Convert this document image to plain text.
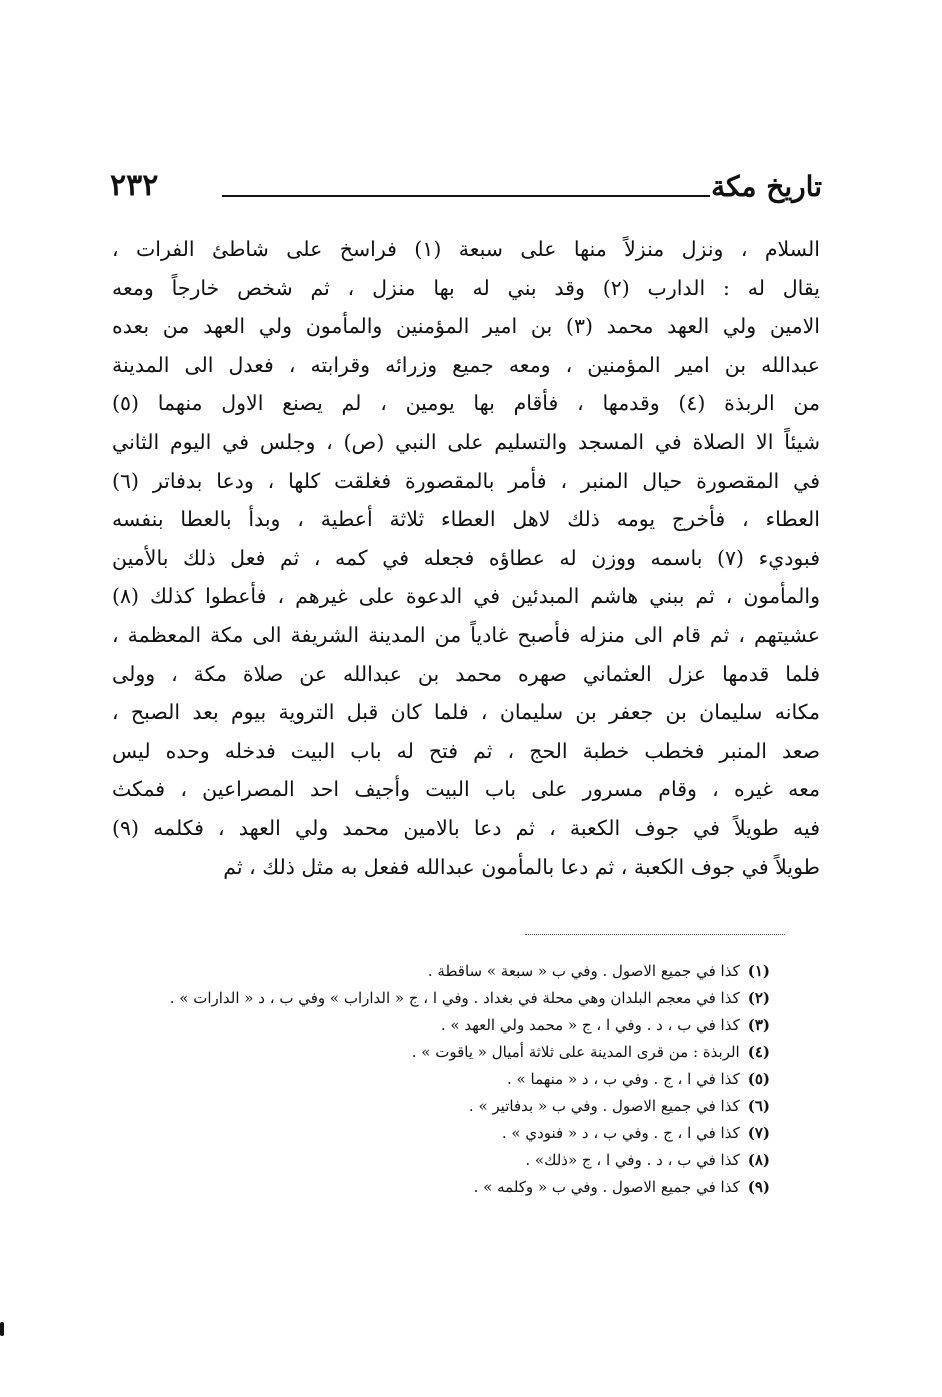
تاريخ مكة
٢٣٢
السلام ، ونزل منزلاً منها على سبعة (١) فراسخ على شاطئ الفرات ،
يقال له : الدارب (٢) وقد بني له بها منزل ، ثم شخص خارجاً ومعه
الامين ولي العهد محمد (٣) بن امير المؤمنين والمأمون ولي العهد من بعده
عبدالله بن امير المؤمنين ، ومعه جميع وزرائه وقرابته ، فعدل الى المدينة
من الربذة (٤) وقدمها ، فأقام بها يومين ، لم يصنع الاول منهما (٥)
شيئاً الا الصلاة في المسجد والتسليم على النبي (ص) ، وجلس في اليوم الثاني
في المقصورة حيال المنبر ، فأمر بالمقصورة فغلقت كلها ، ودعا بدفاتر (٦)
العطاء ، فأخرج يومه ذلك لاهل العطاء ثلاثة أعطية ، وبدأ بالعطا بنفسه
فبوديء (٧) باسمه ووزن له عطاؤه فجعله في كمه ، ثم فعل ذلك بالأمين
والمأمون ، ثم ببني هاشم المبدئين في الدعوة على غيرهم ، فأعطوا كذلك (٨)
عشيتهم ، ثم قام الى منزله فأصبح غادياً من المدينة الشريفة الى مكة المعظمة ،
فلما قدمها عزل العثماني صهره محمد بن عبدالله عن صلاة مكة ، وولى
مكانه سليمان بن جعفر بن سليمان ، فلما كان قبل التروية بيوم بعد الصبح ،
صعد المنبر فخطب خطبة الحج ، ثم فتح له باب البيت فدخله وحده ليس
معه غيره ، وقام مسرور على باب البيت وأجيف احد المصراعين ، فمكث
فيه طويلاً في جوف الكعبة ، ثم دعا بالامين محمد ولي العهد ، فكلمه (٩)
طويلاً في جوف الكعبة ، ثم دعا بالمأمون عبدالله ففعل به مثل ذلك ، ثم
(١)كذا في جميع الاصول . وفي ب « سبعة » ساقطة .
(٢)كذا في معجم البلدان وهي محلة في بغداد . وفي ا ، ج « الداراب » وفي ب ، د « الدارات » .
(٣)كذا في ب ، د . وفي ا ، ج « محمد ولي العهد » .
(٤)الربذة : من قرى المدينة على ثلاثة أميال « ياقوت » .
(٥)كذا في ا ، ج . وفي ب ، د « منهما » .
(٦)كذا في جميع الاصول . وفي ب « بدفاتير » .
(٧)كذا في ا ، ج . وفي ب ، د « فنودي » .
(٨)كذا في ب ، د . وفي ا ، ج «ذلك» .
(٩)كذا في جميع الاصول . وفي ب « وكلمه » .
